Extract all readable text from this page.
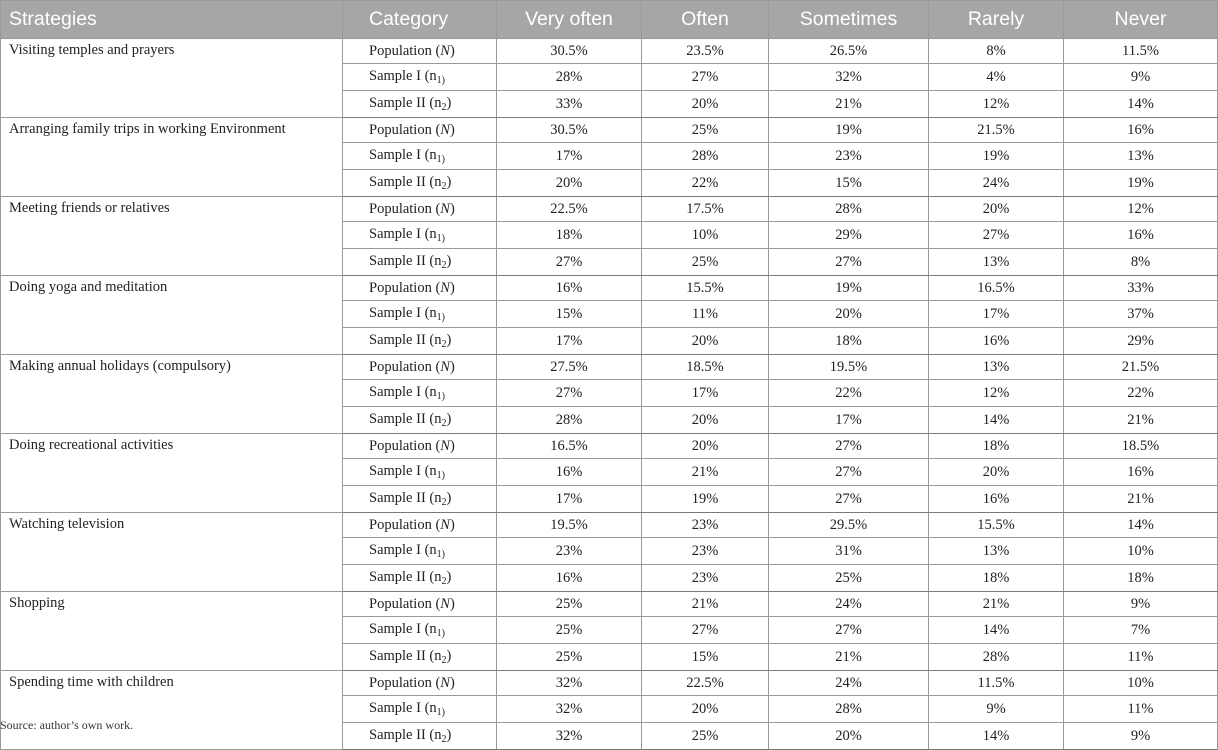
Strategies	Category	Very often	Often	Sometimes	Rarely	Never
Visiting temples and prayers	Population (N)	30.5%	23.5%	26.5%	8%	11.5%
	Sample I ($n_{1)}$	28%	27%	32%	4%	9%
	Sample II $(n_2)$	33%	20%	21%	12%	14%
Arranging family trips in working Environment	Population (N)	30.5%	25%	19%	21.5%	16%
	Sample I ($n_{1)}$	17%	28%	23%	19%	13%
	Sample II $(n_2)$	20%	22%	15%	24%	19%
Meeting friends or relatives	Population (N)	22.5%	17.5%	28%	20%	12%
	Sample I ($n_{1)}$	18%	10%	29%	27%	16%
	Sample II $(n_2)$	27%	25%	27%	13%	8%
Doing yoga and meditation	Population (N)	16%	15.5%	19%	16.5%	33%
	Sample I ($n_{1)}$	15%	11%	20%	17%	37%
	Sample II $(n_2)$	17%	20%	18%	16%	29%
Making annual holidays (compulsory)	Population (N)	27.5%	18.5%	19.5%	13%	21.5%
	Sample I ($n_{1)}$	27%	17%	22%	12%	22%
	Sample II $(n_2)$	28%	20%	17%	14%	21%
Doing recreational activities	Population (N)	16.5%	20%	27%	18%	18.5%
	Sample I ($n_{1)}$	16%	21%	27%	20%	16%
	Sample II $(n_2)$	17%	19%	27%	16%	21%
Watching television	Population (N)	19.5%	23%	29.5%	15.5%	14%
	Sample I ($n_{1)}$	23%	23%	31%	13%	10%
	Sample II $(n_2)$	16%	23%	25%	18%	18%
Shopping	Population (N)	25%	21%	24%	21%	9%
	Sample I ($n_{1)}$	25%	27%	27%	14%	7%
	Sample II $(n_2)$	25%	15%	21%	28%	11%
Spending time with children	Population (N)	32%	22.5%	24%	11.5%	10%
	Sample I ($n_{1)}$	32%	20%	28%	9%	11%
	Sample II $(n_2)$	32%	25%	20%	14%	9%
Source: author’s own work.
